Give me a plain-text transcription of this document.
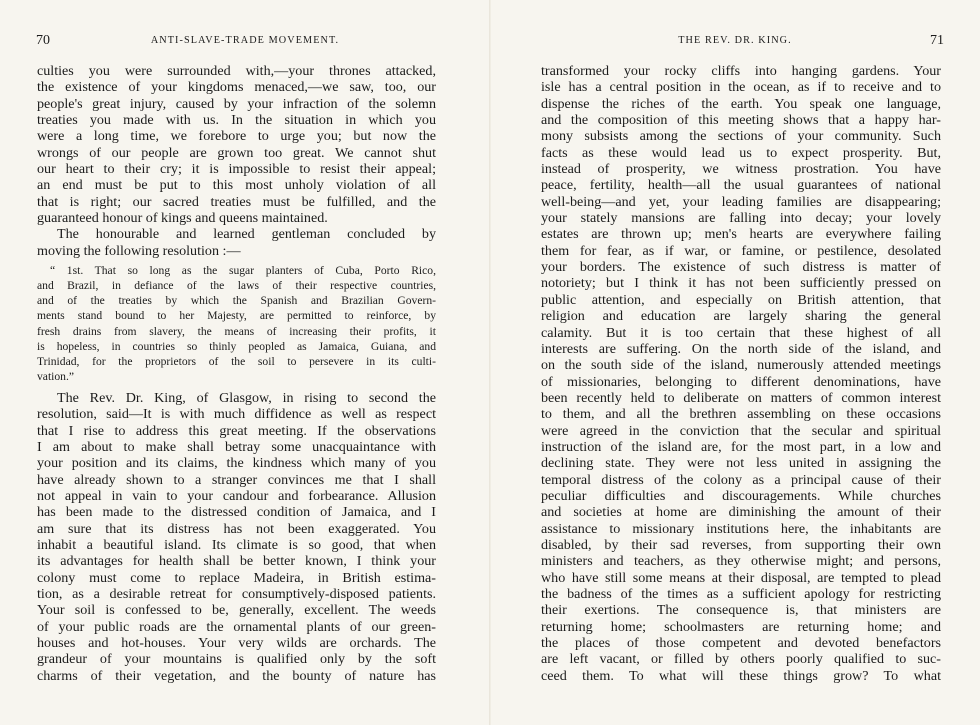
70	ANTI-SLAVE-TRADE MOVEMENT.
culties you were surrounded with,—your thrones attacked,
the existence of your kingdoms menaced,—we saw, too, our
people's great injury, caused by your infraction of the solemn
treaties you made with us. In the situation in which you
were a long time, we forebore to urge you; but now the
wrongs of our people are grown too great. We cannot shut
our heart to their cry; it is impossible to resist their appeal;
an end must be put to this most unholy violation of all
that is right; our sacred treaties must be fulfilled, and the
guaranteed honour of kings and queens maintained.
The honourable and learned gentleman concluded by
moving the following resolution :—
“ 1st. That so long as the sugar planters of Cuba, Porto Rico,
and Brazil, in defiance of the laws of their respective countries,
and of the treaties by which the Spanish and Brazilian Govern-
ments stand bound to her Majesty, are permitted to reinforce, by
fresh drains from slavery, the means of increasing their profits, it
is hopeless, in countries so thinly peopled as Jamaica, Guiana, and
Trinidad, for the proprietors of the soil to persevere in its culti-
vation.”
The Rev. Dr. King, of Glasgow, in rising to second the
resolution, said—It is with much diffidence as well as respect
that I rise to address this great meeting. If the observations
I am about to make shall betray some unacquaintance with
your position and its claims, the kindness which many of you
have already shown to a stranger convinces me that I shall
not appeal in vain to your candour and forbearance. Allusion
has been made to the distressed condition of Jamaica, and I
am sure that its distress has not been exaggerated. You
inhabit a beautiful island. Its climate is so good, that when
its advantages for health shall be better known, I think your
colony must come to replace Madeira, in British estima-
tion, as a desirable retreat for consumptively-disposed patients.
Your soil is confessed to be, generally, excellent. The weeds
of your public roads are the ornamental plants of our green-
houses and hot-houses. Your very wilds are orchards. The
grandeur of your mountains is qualified only by the soft
charms of their vegetation, and the bounty of nature has
THE REV. DR. KING.	71
transformed your rocky cliffs into hanging gardens. Your
isle has a central position in the ocean, as if to receive and to
dispense the riches of the earth. You speak one language,
and the composition of this meeting shows that a happy har-
mony subsists among the sections of your community. Such
facts as these would lead us to expect prosperity. But,
instead of prosperity, we witness prostration. You have
peace, fertility, health—all the usual guarantees of national
well-being—and yet, your leading families are disappearing;
your stately mansions are falling into decay; your lovely
estates are thrown up; men's hearts are everywhere failing
them for fear, as if war, or famine, or pestilence, desolated
your borders. The existence of such distress is matter of
notoriety; but I think it has not been sufficiently pressed on
public attention, and especially on British attention, that
religion and education are largely sharing the general
calamity. But it is too certain that these highest of all
interests are suffering. On the north side of the island, and
on the south side of the island, numerously attended meetings
of missionaries, belonging to different denominations, have
been recently held to deliberate on matters of common interest
to them, and all the brethren assembling on these occasions
were agreed in the conviction that the secular and spiritual
instruction of the island are, for the most part, in a low and
declining state. They were not less united in assigning the
temporal distress of the colony as a principal cause of their
peculiar difficulties and discouragements. While churches
and societies at home are diminishing the amount of their
assistance to missionary institutions here, the inhabitants are
disabled, by their sad reverses, from supporting their own
ministers and teachers, as they otherwise might; and persons,
who have still some means at their disposal, are tempted to plead
the badness of the times as a sufficient apology for restricting
their exertions. The consequence is, that ministers are
returning home; schoolmasters are returning home; and
the places of those competent and devoted benefactors
are left vacant, or filled by others poorly qualified to suc-
ceed them. To what will these things grow? To what
